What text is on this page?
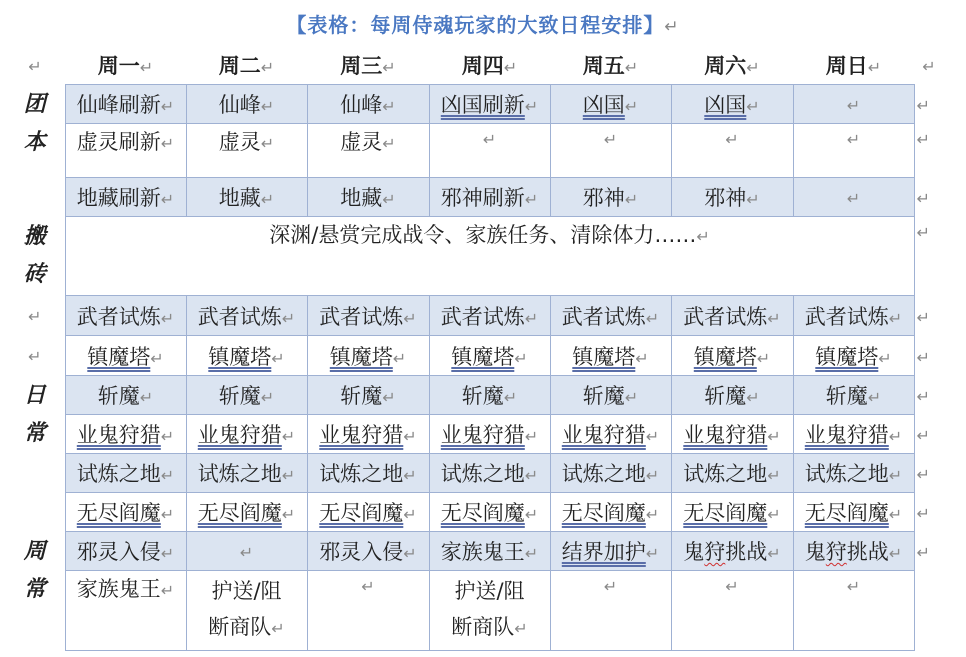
【表格：每周侍魂玩家的大致日程安排】↵
↵	周一↵	周二↵	周三↵	周四↵	周五↵	周六↵	周日↵	↵
团
本	仙峰刷新↵	仙峰↵	仙峰↵	凶国刷新↵	凶国↵	凶国↵	↵	↵
	虚灵刷新↵	虚灵↵	虚灵↵	↵	↵	↵	↵	↵
	地藏刷新↵	地藏↵	地藏↵	邪神刷新↵	邪神↵	邪神↵	↵	↵
搬
砖	深渊/悬赏完成战令、家族任务、清除体力……↵							↵
↵	武者试炼↵	武者试炼↵	武者试炼↵	武者试炼↵	武者试炼↵	武者试炼↵	武者试炼↵	↵
↵	镇魔塔↵	镇魔塔↵	镇魔塔↵	镇魔塔↵	镇魔塔↵	镇魔塔↵	镇魔塔↵	↵
日
常	斩魔↵	斩魔↵	斩魔↵	斩魔↵	斩魔↵	斩魔↵	斩魔↵	↵
	业鬼狩猎↵	业鬼狩猎↵	业鬼狩猎↵	业鬼狩猎↵	业鬼狩猎↵	业鬼狩猎↵	业鬼狩猎↵	↵
	试炼之地↵	试炼之地↵	试炼之地↵	试炼之地↵	试炼之地↵	试炼之地↵	试炼之地↵	↵
	无尽阎魔↵	无尽阎魔↵	无尽阎魔↵	无尽阎魔↵	无尽阎魔↵	无尽阎魔↵	无尽阎魔↵	↵
周
常	邪灵入侵↵	↵	邪灵入侵↵	家族鬼王↵	结界加护↵	鬼狩挑战↵	鬼狩挑战↵	↵
	家族鬼王↵	护送/阻
断商队↵	↵	护送/阻
断商队↵	↵	↵	↵	
